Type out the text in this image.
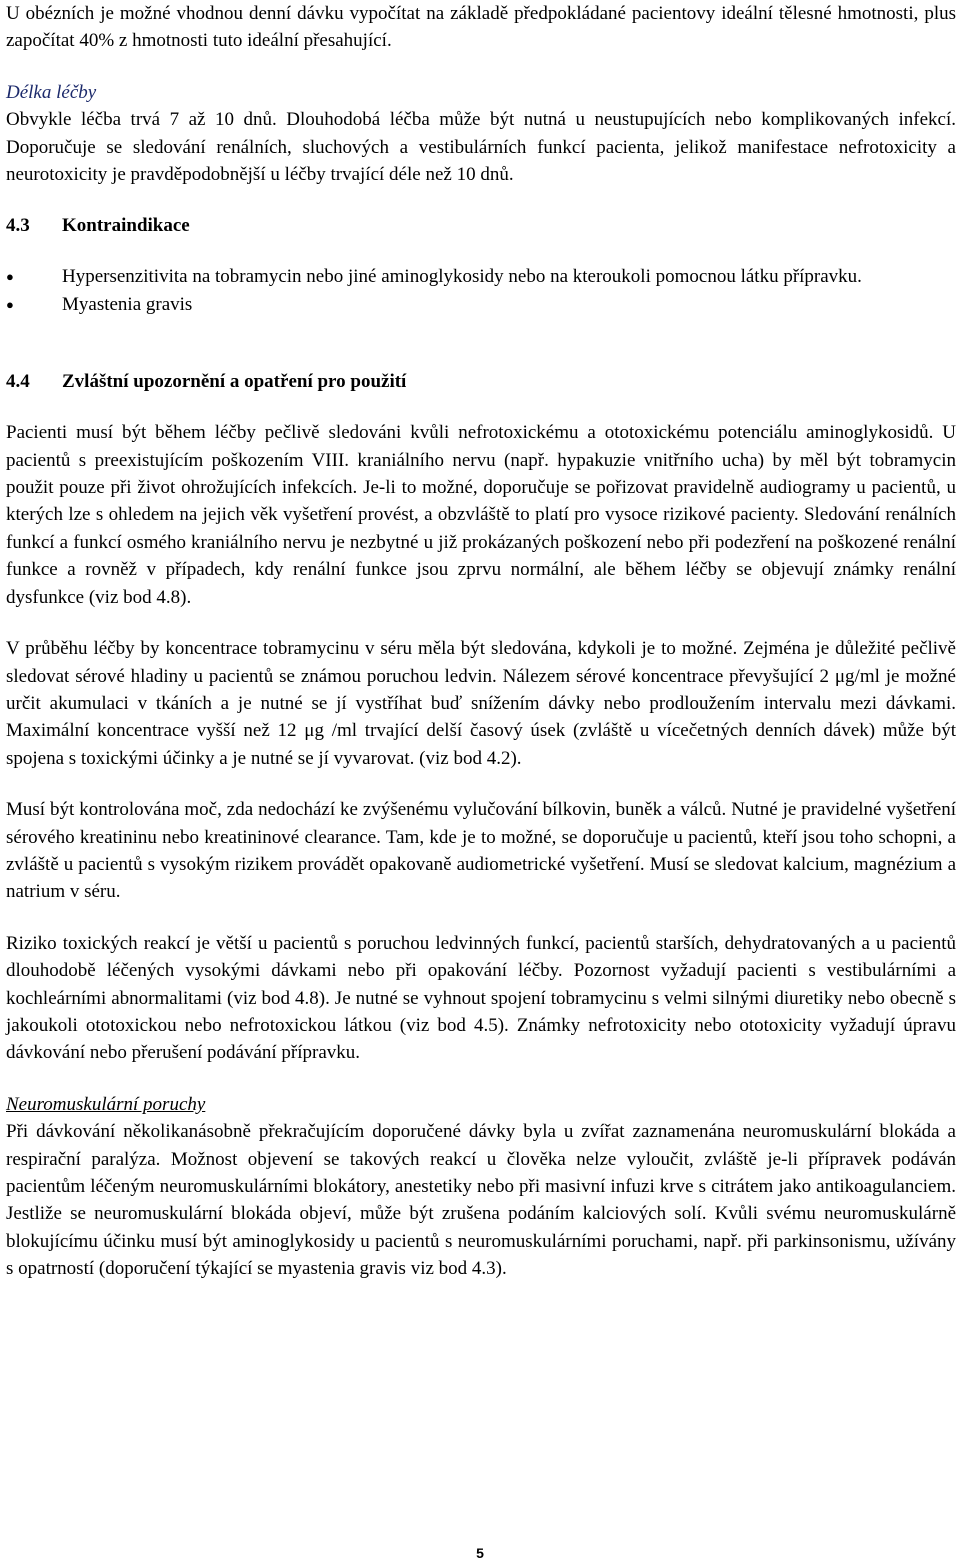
U obézních je možné vhodnou denní dávku vypočítat na základě předpokládané pacientovy ideální tělesné hmotnosti, plus započítat 40% z hmotnosti tuto ideální přesahující.

Délka léčby

Obvykle léčba trvá 7 až 10 dnů. Dlouhodobá léčba může být nutná u neustupujících nebo komplikovaných infekcí. Doporučuje se sledování renálních, sluchových a vestibulárních funkcí pacienta, jelikož manifestace nefrotoxicity a neurotoxicity je pravděpodobnější u léčby trvající déle než 10 dnů.

4.3 Kontraindikace

●	Hypersenzitivita na tobramycin nebo jiné aminoglykosidy nebo na kteroukoli pomocnou látku přípravku.
●	Myastenia gravis

4.4 Zvláštní upozornění a opatření pro použití

Pacienti musí být během léčby pečlivě sledováni kvůli nefrotoxickému a ototoxickému potenciálu aminoglykosidů. U pacientů s preexistujícím poškozením VIII. kraniálního nervu (např. hypakuzie vnitřního ucha) by měl být tobramycin použit pouze při život ohrožujících infekcích. Je-li to možné, doporučuje se pořizovat pravidelně audiogramy u pacientů, u kterých lze s ohledem na jejich věk vyšetření provést, a obzvláště to platí pro vysoce rizikové pacienty. Sledování renálních funkcí a funkcí osmého kraniálního nervu je nezbytné u již prokázaných poškození nebo při podezření na poškozené renální funkce a rovněž v případech, kdy renální funkce jsou zprvu normální, ale během léčby se objevují známky renální dysfunkce (viz bod 4.8).

V průběhu léčby by koncentrace tobramycinu v séru měla být sledována, kdykoli je to možné. Zejména je důležité pečlivě sledovat sérové hladiny u pacientů se známou poruchou ledvin. Nálezem sérové koncentrace převyšující 2 μg/ml je možné určit akumulaci v tkáních a je nutné se jí vystříhat buď snížením dávky nebo prodloužením intervalu mezi dávkami. Maximální koncentrace vyšší než 12 μg /ml trvající delší časový úsek (zvláště u vícečetných denních dávek) může být spojena s toxickými účinky a je nutné se jí vyvarovat. (viz bod 4.2).

Musí být kontrolována moč, zda nedochází ke zvýšenému vylučování bílkovin, buněk a válců. Nutné je pravidelné vyšetření sérového kreatininu nebo kreatininové clearance. Tam, kde je to možné, se doporučuje u pacientů, kteří jsou toho schopni, a zvláště u pacientů s vysokým rizikem provádět opakovaně audiometrické vyšetření. Musí se sledovat kalcium, magnézium a natrium v séru.

Riziko toxických reakcí je větší u pacientů s poruchou ledvinných funkcí, pacientů starších, dehydratovaných a u pacientů dlouhodobě léčených vysokými dávkami nebo při opakování léčby. Pozornost vyžadují pacienti s vestibulárními a kochleárními abnormalitami (viz bod 4.8). Je nutné se vyhnout spojení tobramycinu s velmi silnými diuretiky nebo obecně s jakoukoli ototoxickou nebo nefrotoxickou látkou (viz bod 4.5). Známky nefrotoxicity nebo ototoxicity vyžadují úpravu dávkování nebo přerušení podávání přípravku.

Neuromuskulární poruchy

Při dávkování několikanásobně překračujícím doporučené dávky byla u zvířat zaznamenána neuromuskulární blokáda a respirační paralýza. Možnost objevení se takových reakcí u člověka nelze vyloučit, zvláště je-li přípravek podáván pacientům léčeným neuromuskulárními blokátory, anestetiky nebo při masivní infuzi krve s citrátem jako antikoagulanciem. Jestliže se neuromuskulární blokáda objeví, může být zrušena podáním kalciových solí. Kvůli svému neuromuskulárně blokujícímu účinku musí být aminoglykosidy u pacientů s neuromuskulárními poruchami, např. při parkinsonismu, užívány s opatrností (doporučení týkající se myastenia gravis viz bod 4.3).

5
